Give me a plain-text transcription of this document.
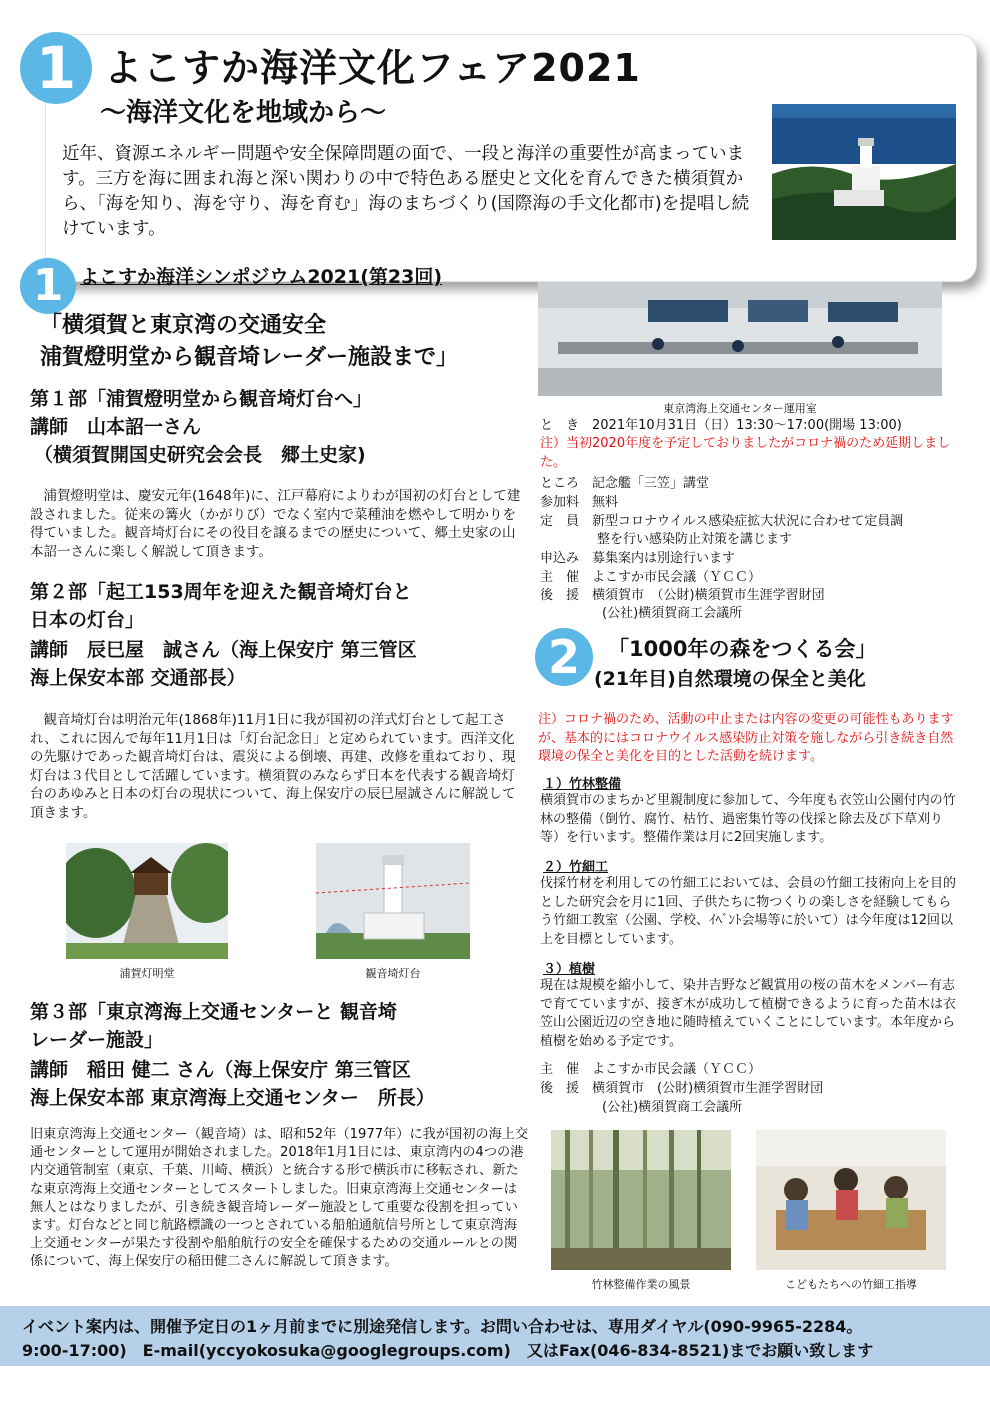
1 よこすか海洋文化フェア2021
～海洋文化を地域から～
近年、資源エネルギー問題や安全保障問題の面で、一段と海洋の重要性が高まっています。三方を海に囲まれ海と深い関わりの中で特色ある歴史と文化を育んできた横須賀から、「海を知り、海を守り、海を育む」海のまちづくり(国際海の手文化都市)を提唱し続けています。
1 よこすか海洋シンポジウム2021(第23回)
「横須賀と東京湾の交通安全
浦賀燈明堂から観音埼レーダー施設まで」
第１部「浦賀燈明堂から観音埼灯台へ」
講師　山本詔一さん
（横須賀開国史研究会会長　郷土史家)
　浦賀燈明堂は、慶安元年(1648年)に、江戸幕府によりわが国初の灯台として建設されました。従来の篝火（かがりび）でなく室内で菜種油を燃やして明かりを得ていました。観音埼灯台にその役目を譲るまでの歴史について、郷土史家の山本詔一さんに楽しく解説して頂きます。
第２部「起工153周年を迎えた観音埼灯台と
日本の灯台」
講師　辰巳屋　誠さん（海上保安庁 第三管区
海上保安本部 交通部長）
　観音埼灯台は明治元年(1868年)11月1日に我が国初の洋式灯台として起工され、これに因んで毎年11月1日は「灯台記念日」と定められています。西洋文化の先駆けであった観音埼灯台は、震災による倒壊、再建、改修を重ねており、現灯台は３代目として活躍しています。横須賀のみならず日本を代表する観音埼灯台のあゆみと日本の灯台の現状について、海上保安庁の辰巳屋誠さんに解説して頂きます。
浦賀灯明堂	観音埼灯台
第３部「東京湾海上交通センターと 観音埼
レーダー施設」
講師　稲田 健二 さん（海上保安庁 第三管区
海上保安本部 東京湾海上交通センター　所長）
旧東京湾海上交通センター（観音埼）は、昭和52年（1977年）に我が国初の海上交通センターとして運用が開始されました。2018年1月1日には、東京湾内の4つの港内交通管制室（東京、千葉、川崎、横浜）と統合する形で横浜市に移転され、新たな東京湾海上交通センターとしてスタートしました。旧東京湾海上交通センターは無人とはなりましたが、引き続き観音埼レーダー施設として重要な役割を担っています。灯台などと同じ航路標識の一つとされている船舶通航信号所として東京湾海上交通センターが果たす役割や船舶航行の安全を確保するための交通ルールとの関係について、海上保安庁の稲田健二さんに解説して頂きます。
東京湾海上交通センター運用室
と　き　2021年10月31日（日）13:30～17:00(開場 13:00)
注）当初2020年度を予定しておりましたがコロナ禍のため延期しました。
ところ　記念艦「三笠」講堂
参加料　無料
定　員　新型コロナウイルス感染症拡大状況に合わせて定員調
整を行い感染防止対策を講じます
申込み　募集案内は別途行います
主　催　よこすか市民会議（ＹＣＣ）
後　援　横須賀市　（公財)横須賀市生涯学習財団
(公社)横須賀商工会議所
2	「1000年の森をつくる会」
(21年目)自然環境の保全と美化
注）コロナ禍のため、活動の中止または内容の変更の可能性もありますが、基本的にはコロナウイルス感染防止対策を施しながら引き続き自然環境の保全と美化を目的とした活動を続けます。
１）竹林整備
横須賀市のまちかど里親制度に参加して、今年度も衣笠山公園付内の竹林の整備（倒竹、腐竹、枯竹、過密集竹等の伐採と除去及び下草刈り等）を行います。整備作業は月に2回実施します。
２）竹細工
伐採竹材を利用しての竹細工においては、会員の竹細工技術向上を目的とした研究会を月に1回、子供たちに物つくりの楽しさを経験してもらう竹細工教室（公園、学校、ｲﾍﾞﾝﾄ会場等に於いて）は今年度は12回以上を目標としています。
３）植樹
現在は規模を縮小して、染井吉野など観賞用の桜の苗木をメンバー有志で育てていますが、接ぎ木が成功して植樹できるように育った苗木は衣笠山公園近辺の空き地に随時植えていくことにしています。本年度から植樹を始める予定です。
主　催　よこすか市民会議（ＹＣＣ）
後　援　横須賀市　(公財)横須賀市生涯学習財団
(公社)横須賀商工会議所
竹林整備作業の風景	こどもたちへの竹細工指導
イベント案内は、開催予定日の1ヶ月前までに別途発信します。お問い合わせは、専用ダイヤル(090-9965-2284。
9:00-17:00)　E-mail(yccyokosuka@googlegroups.com)　又はFax(046-834-8521)までお願い致します
